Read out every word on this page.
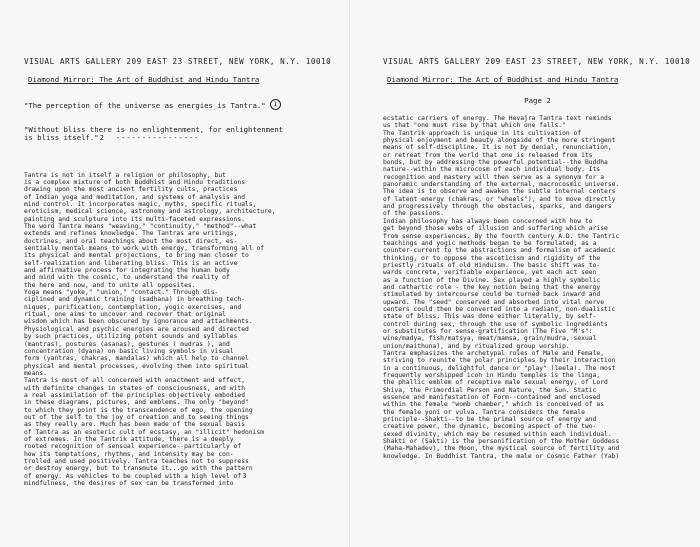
VISUAL ARTS GALLERY 209 EAST 23 STREET, NEW YORK, N.Y. 10010

Diamond Mirror: The Art of Buddhist and Hindu Tantra

"The perception of the universe as energies is Tantra." 1

"Without bliss there is no enlightenment, for enlightenment

is bliss itself."2 ----------------

Tantra is not in itself a religion or philosophy, but

is a complex mixture of both Buddhist and Hindu traditions

drawing upon the most ancient fertility cults, practices

of Indian yoga and meditation, and systems of analysis and

mind control. It incorporates magic, myths, specific rituals,

eroticism, medical science, astronomy and astrology, architecture,

painting and sculpture into its multi-faceted expressions.

The word Tantra means "weaving," "continuity," "method"--what

extends and refines knowledge. The Tantras are writings,

doctrines, and oral teachings about the most direct, es-

sentially mental means to work with energy, transforming all of

its physical and mental projections, to bring man closer to

self-realization and liberating bliss. This is an active

and affirmative process for integrating the human body

and mind with the cosmic, to understand the reality of

the here and now, and to unite all opposites.

Yoga means "yoke," "union," "contact." Through dis-

ciplined and dynamic training (sadhana) in breathing tech-

niques, purification, contemplation, yogic exercises, and

ritual, one aims to uncover and recover that original

wisdom which has been obscured by ignorance and attachments.

Physiological and psychic energies are aroused and directed

by such practices, utilizing potent sounds and syllables

(mantras), postures (asanas), gestures ( mudras ), and

concentration (dyana) on basic living symbols in visual

form (yantras, chakras, mandalas) which all help to channel

physical and mental processes, evolving them into spiritual

means.

Tantra is most of all concerned with enactment and effect,

with definite changes in states of consciousness, and with

a real assimilation of the principles objectively embodied

in these diagrams, pictures, and emblems. The only "beyond"

to which they point is the transcendence of ego, the opening

out of the self to the joy of creation and to seeing things

as they really are. Much has been made of the sexual basis

of Tantra as an esoteric cult of ecstasy, an "illicit" hedonism

of extremes. In the Tantrik attitude, there is a deeply

rooted recognition of sensual experience--particularly of

how its temptations, rhythms, and intensity may be con-

trolled and used positively. Tantra teaches not to suppress

or destroy energy, but to transmute it...go with the pattern

of energy. As vehicles to be coupled with a high level of3

mindfulness, the desires of sex can be transformed into

VISUAL ARTS GALLERY 209 EAST 23 STREET, NEW YORK, N.Y. 10010

Diamond Mirror: The Art of Buddhist and Hindu Tantra

Page 2

ecstatic carriers of energy. The Hevajra Tantra text reminds

us that "one must rise by that which one falls."

The Tantrik approach is unique in its cultivation of

physical enjoyment and beauty alongside of the more stringent

means of self-discipline. It is not by denial, renunciation,

or retreat from the world that one is released from its

bonds, but by addressing the powerful potential--the Buddha

nature--within the microcosm of each individual body. Its

recognition and mastery will then serve as a synonym for a

panoramic understanding of the external, macrocosmic universe.

The idea is to observe and awaken the subtle internal centers

of latent energy (chakras, or "wheels"), and to move directly

and progressively through the obstacles, sparks, and dangers

of the passions.

Indian philosophy has always been concerned with how to

get beyond those webs of illusion and suffering which arise

from sense experiences. By the fourth century A.D. the Tantric

teachings and yogic methods began to be formulated, as a

counter-current to the abstractions and formalism of academic

thinking, or to oppose the asceticism and rigidity of the

priestly rituals of old Hinduism. The basic shift was to-

wards concrete, verifiable experience, yet each act seen

as a function of the Divine. Sex played a highly symbolic

and cathartic role - the key notion being that the energy

stimulated by intercourse could be turned back inward and

upward. The "seed" conserved and absorbed into vital nerve

centers could then be converted into a radiant, non-dualistic

state of bliss. This was done either literally, by self-

control during sex, through the use of symbolic ingredients

or substitutes for sense-gratification (The Five "M's":

wine/madya, fish/matsya, meat/mamsa, grain/mudra, sexual

union/maithuna), and by ritualized group worship.

Tantra emphasizes the archetypal roles of Male and Female,

striving to reunite the polar principles by their interaction

in a continuous, delightful dance or "play" (leela). The most

frequently worshipped icon in Hindu temples is the linga,

the phallic emblem of receptive male sexual energy, of Lord

Shiva, the Primordial Person and Nature, the Sun. Static

essence and manifestation of Form--contained and enclosed

within the female "womb chamber," which is conceived of as

the female yoni or vulva. Tantra considers the female

principle--Shakti--to be the primal source of energy and

creative power, the dynamic, becoming aspect of the two-

sexed divinity, which may be resumed within each individual.

Shakti or (Sakti) is the personification of the Mother Goddess

(Maha-Mahadev), the Moon, the mystical source of fertility and

knowledge. In Buddhist Tantra, the male or Cosmic Father (Yab)
